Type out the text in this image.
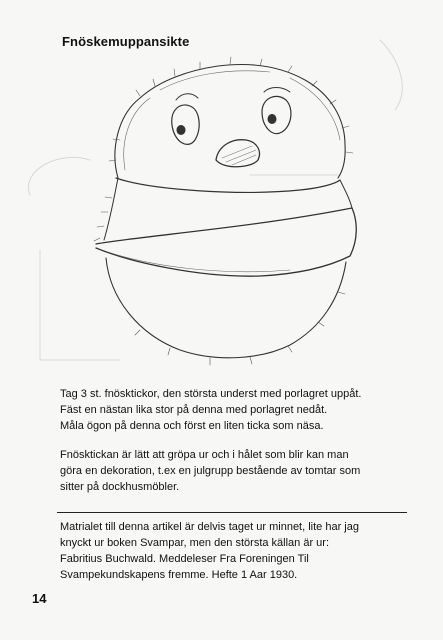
Fnöskemuppansikte

Tag 3 st. fnösktickor, den största underst med porlagret uppåt.

Fäst en nästan lika stor på denna med porlagret nedåt.

Måla ögon på denna och först en liten ticka som näsa.

Fnösktickan är lätt att gröpa ur och i hålet som blir kan man

göra en dekoration, t.ex en julgrupp bestående av tomtar som

sitter på dockhusmöbler.

Matrialet till denna artikel är delvis taget ur minnet, lite har jag

knyckt ur boken Svampar, men den största källan är ur:

Fabritius Buchwald. Meddeleser Fra Foreningen Til

Svampekundskapens fremme. Hefte 1 Aar 1930.

14
